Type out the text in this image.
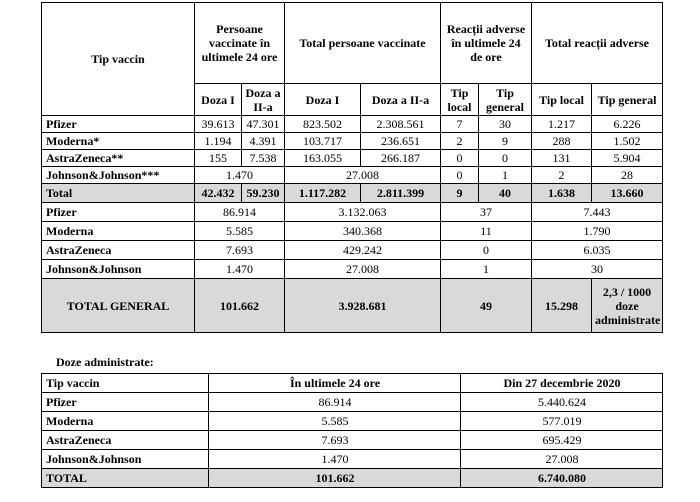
Tip vaccin	Persoane vaccinate în ultimele 24 ore		Total persoane vaccinate		Reacții adverse în ultimele 24 de ore		Total reacții adverse	
	Doza I	Doza a II-a	Doza I	Doza a II-a	Tip local	Tip general	Tip local	Tip general
Pfizer	39.613	47.301	823.502	2.308.561	7	30	1.217	6.226
Moderna*	1.194	4.391	103.717	236.651	2	9	288	1.502
AstraZeneca**	155	7.538	163.055	266.187	0	0	131	5.904
Johnson&Johnson***	1.470		27.008		0	1	2	28
Total	42.432	59.230	1.117.282	2.811.399	9	40	1.638	13.660
Pfizer	86.914		3.132.063		37		7.443	
Moderna	5.585		340.368		11		1.790	
AstraZeneca	7.693		429.242		0		6.035	
Johnson&Johnson	1.470		27.008		1		30	
TOTAL GENERAL	101.662		3.928.681		49		15.298	2,3 / 1000 doze administrate
Doze administrate:
Tip vaccin	În ultimele 24 ore	Din 27 decembrie 2020
Pfizer	86.914	5.440.624
Moderna	5.585	577.019
AstraZeneca	7.693	695.429
Johnson&Johnson	1.470	27.008
TOTAL	101.662	6.740.080
